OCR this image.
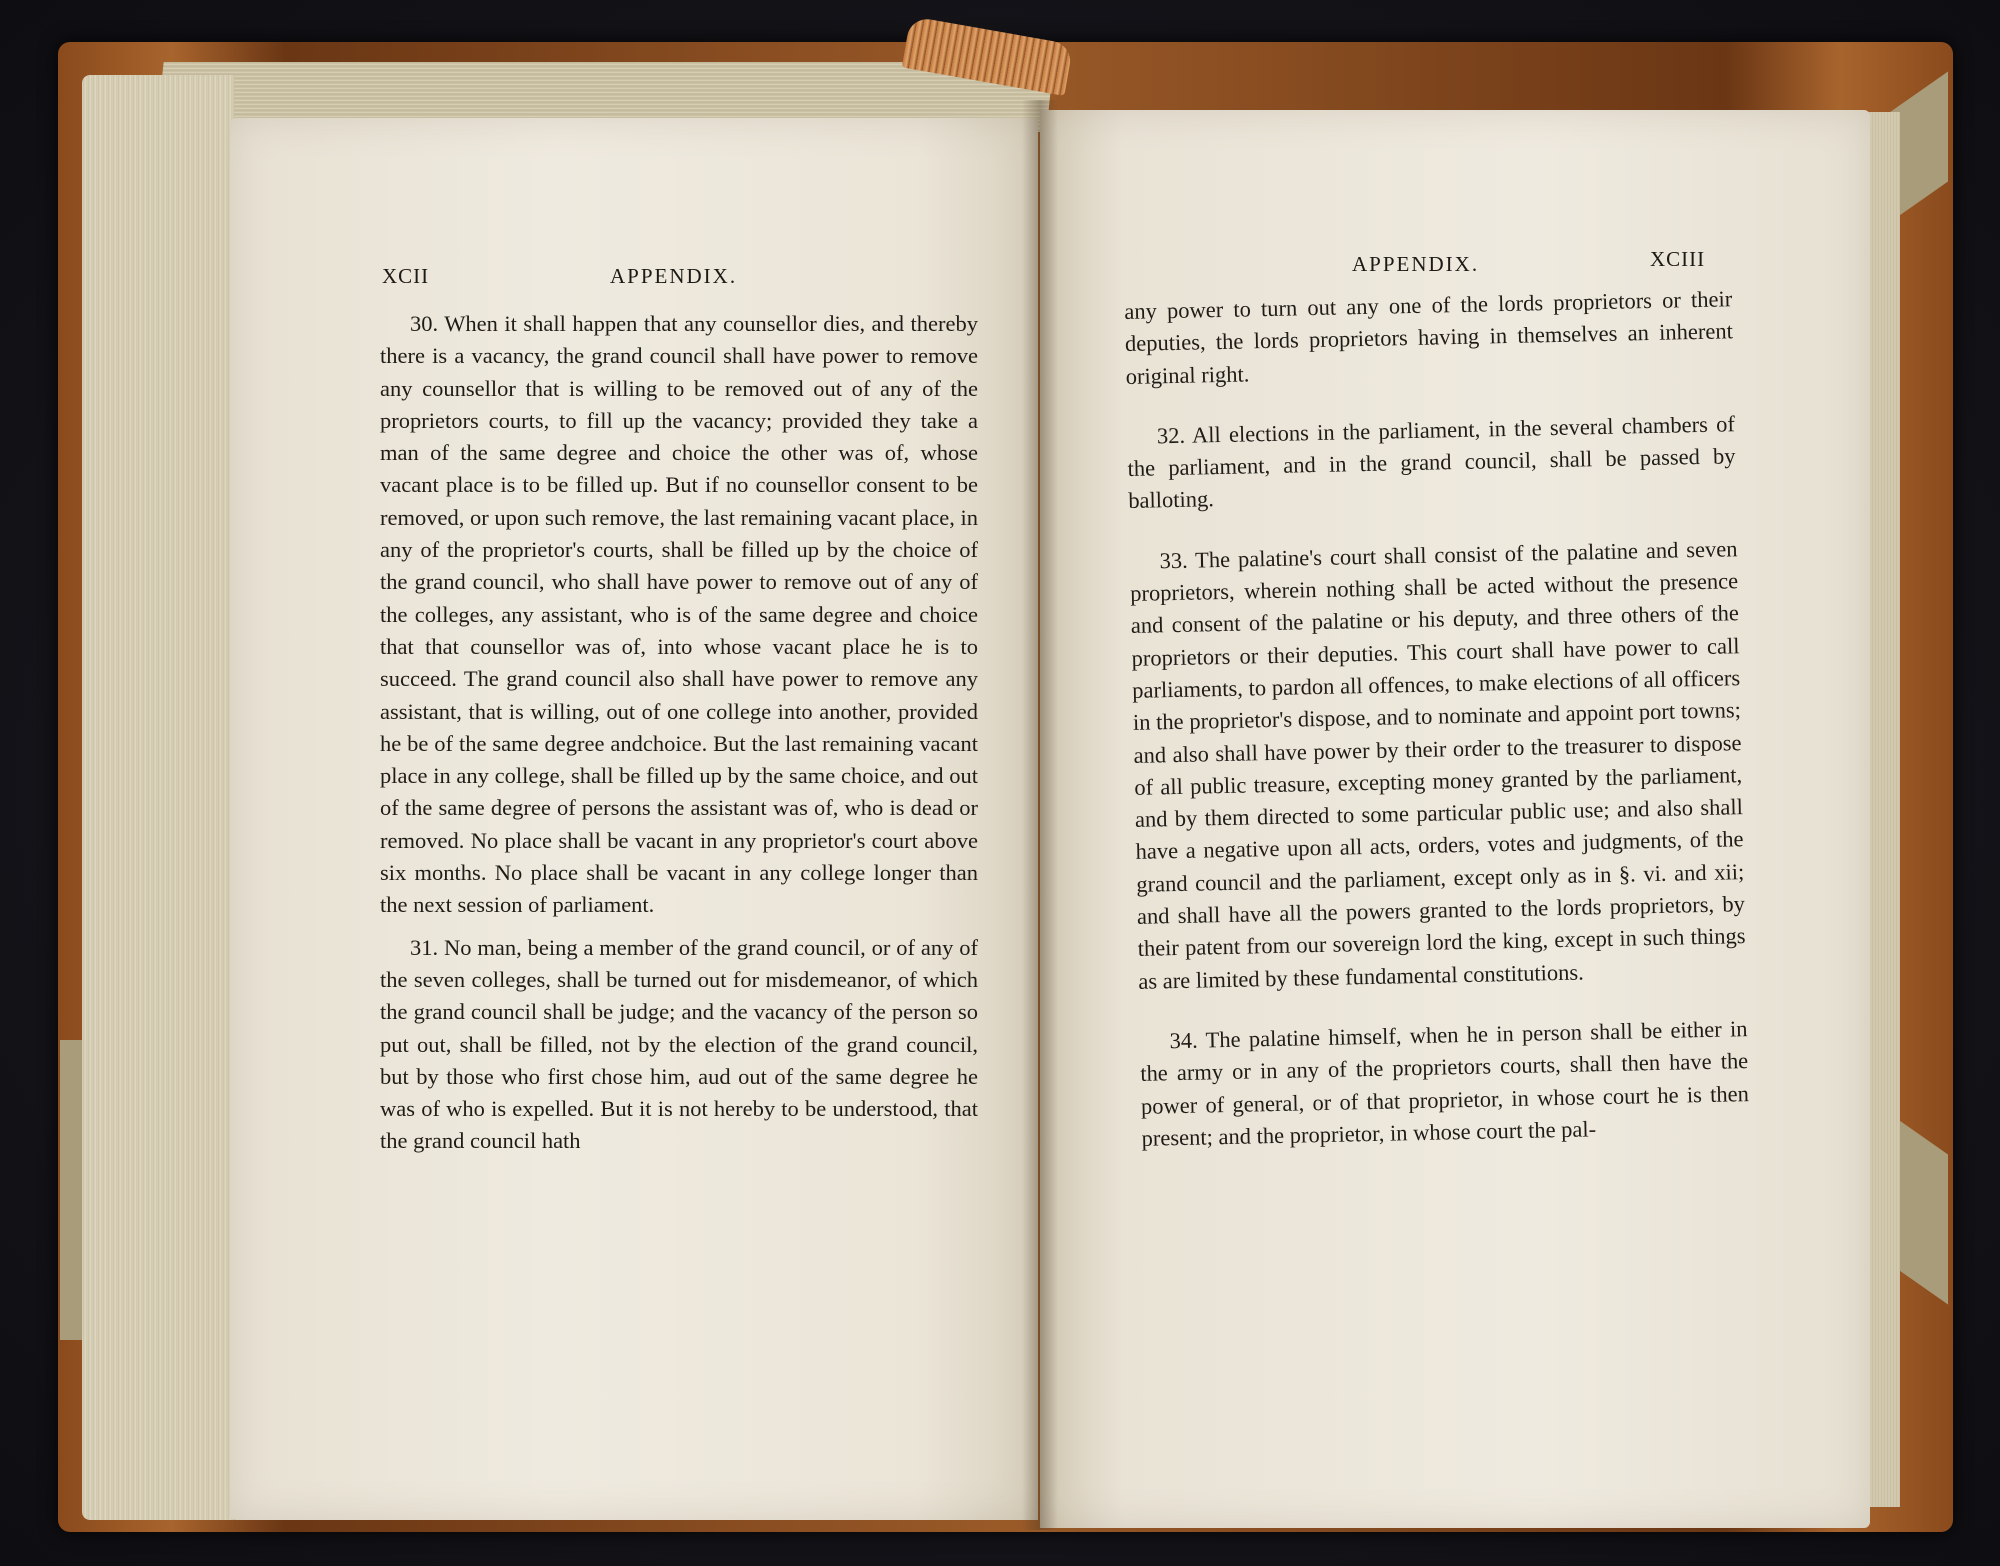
XCII	APPENDIX.

30. When it shall happen that any counsellor dies, and thereby there is a vacancy, the grand council shall have power to remove any counsellor that is willing to be removed out of any of the proprietors courts, to fill up the vacancy; provided they take a man of the same degree and choice the other was of, whose vacant place is to be filled up. But if no counsellor consent to be removed, or upon such remove, the last remaining vacant place, in any of the proprietor's courts, shall be filled up by the choice of the grand council, who shall have power to remove out of any of the colleges, any assistant, who is of the same degree and choice that that counsellor was of, into whose vacant place he is to succeed. The grand council also shall have power to remove any assistant, that is willing, out of one college into another, provided he be of the same degree andchoice. But the last remaining vacant place in any college, shall be filled up by the same choice, and out of the same degree of persons the assistant was of, who is dead or removed. No place shall be vacant in any proprietor's court above six months. No place shall be vacant in any college longer than the next session of parliament.

31. No man, being a member of the grand council, or of any of the seven colleges, shall be turned out for misdemeanor, of which the grand council shall be judge; and the vacancy of the person so put out, shall be filled, not by the election of the grand council, but by those who first chose him, aud out of the same degree he was of who is expelled. But it is not hereby to be understood, that the grand council hath

APPENDIX.	XCIII

any power to turn out any one of the lords proprietors or their deputies, the lords proprietors having in themselves an inherent original right.

32. All elections in the parliament, in the several chambers of the parliament, and in the grand council, shall be passed by balloting.

33. The palatine's court shall consist of the palatine and seven proprietors, wherein nothing shall be acted without the presence and consent of the palatine or his deputy, and three others of the proprietors or their deputies. This court shall have power to call parliaments, to pardon all offences, to make elections of all officers in the proprietor's dispose, and to nominate and appoint port towns; and also shall have power by their order to the treasurer to dispose of all public treasure, excepting money granted by the parliament, and by them directed to some particular public use; and also shall have a negative upon all acts, orders, votes and judgments, of the grand council and the parliament, except only as in §. vi. and xii; and shall have all the powers granted to the lords proprietors, by their patent from our sovereign lord the king, except in such things as are limited by these fundamental constitutions.

34. The palatine himself, when he in person shall be either in the army or in any of the proprietors courts, shall then have the power of general, or of that proprietor, in whose court he is then present; and the proprietor, in whose court the pal-
